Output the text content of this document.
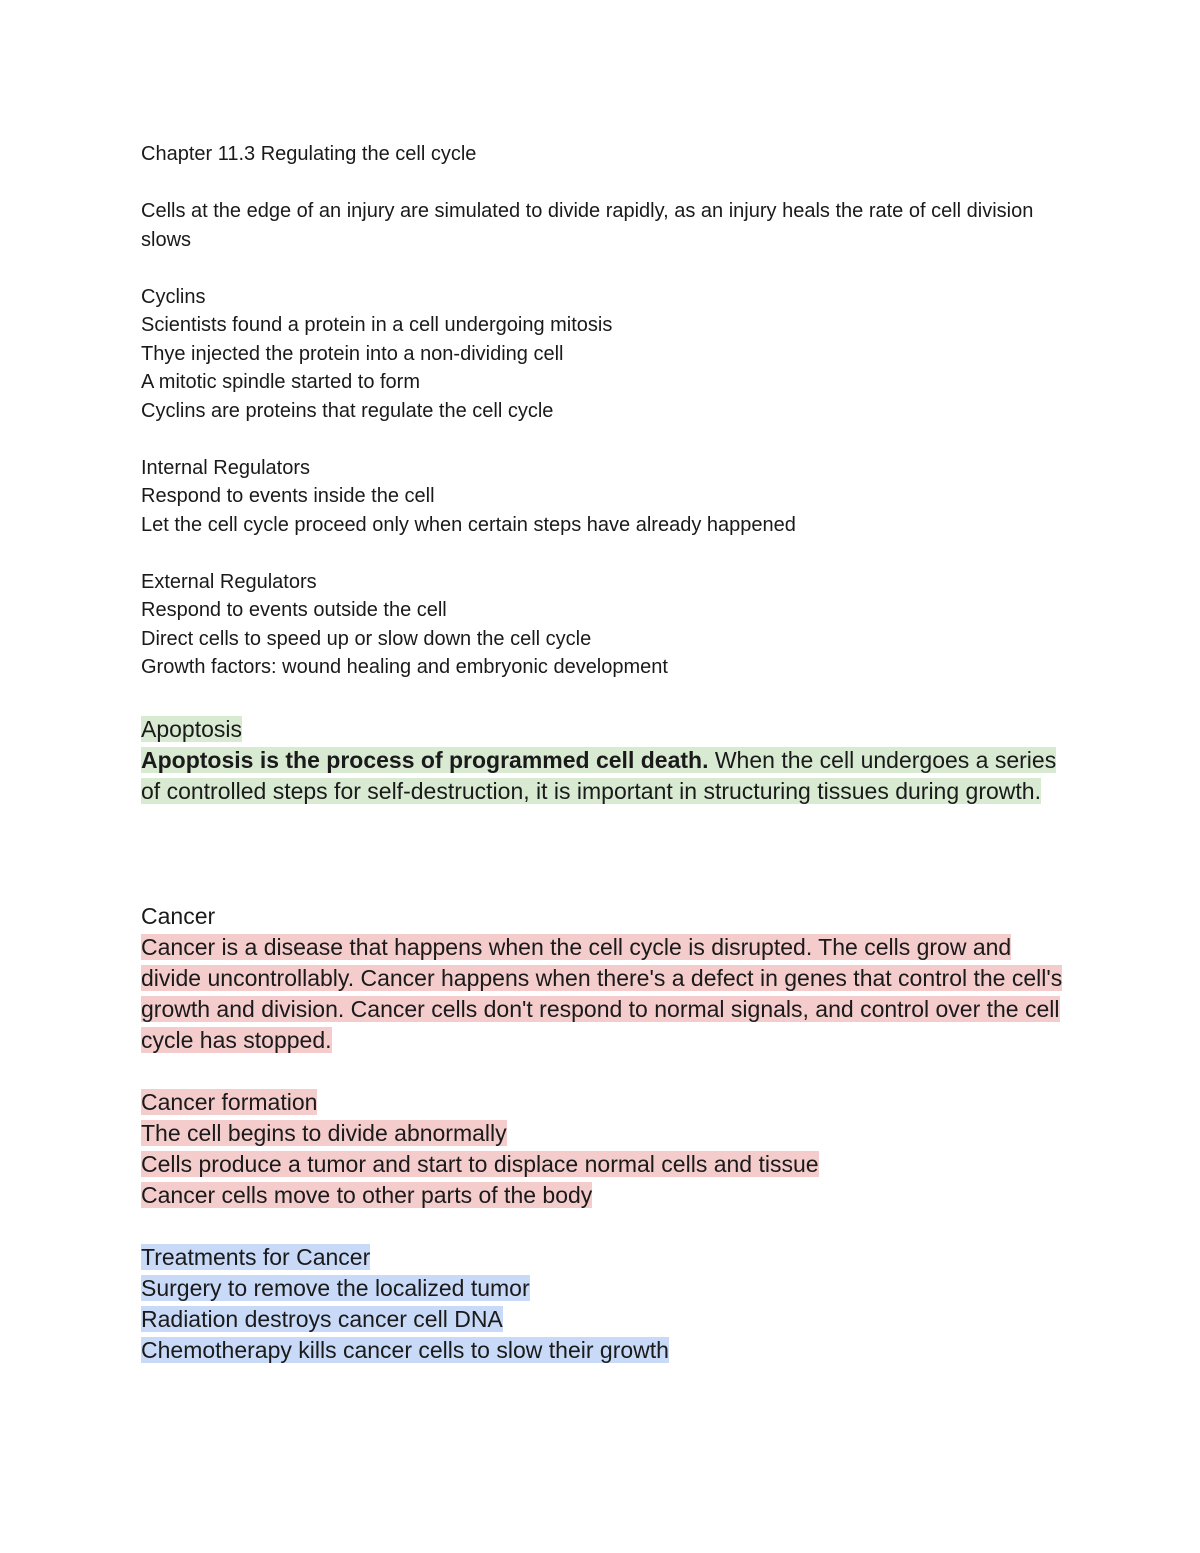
Chapter 11.3 Regulating the cell cycle

Cells at the edge of an injury are simulated to divide rapidly, as an injury heals the rate of cell division slows

Cyclins

Scientists found a protein in a cell undergoing mitosis

Thye injected the protein into a non-dividing cell

A mitotic spindle started to form

Cyclins are proteins that regulate the cell cycle

Internal Regulators

Respond to events inside the cell

Let the cell cycle proceed only when certain steps have already happened

External Regulators

Respond to events outside the cell

Direct cells to speed up or slow down the cell cycle

Growth factors: wound healing and embryonic development

Apoptosis

Apoptosis is the process of programmed cell death. When the cell undergoes a series of controlled steps for self-destruction, it is important in structuring tissues during growth.

Cancer

Cancer is a disease that happens when the cell cycle is disrupted. The cells grow and divide uncontrollably. Cancer happens when there's a defect in genes that control the cell's growth and division. Cancer cells don't respond to normal signals, and control over the cell cycle has stopped.

Cancer formation

The cell begins to divide abnormally

Cells produce a tumor and start to displace normal cells and tissue

Cancer cells move to other parts of the body

Treatments for Cancer

Surgery to remove the localized tumor

Radiation destroys cancer cell DNA

Chemotherapy kills cancer cells to slow their growth
